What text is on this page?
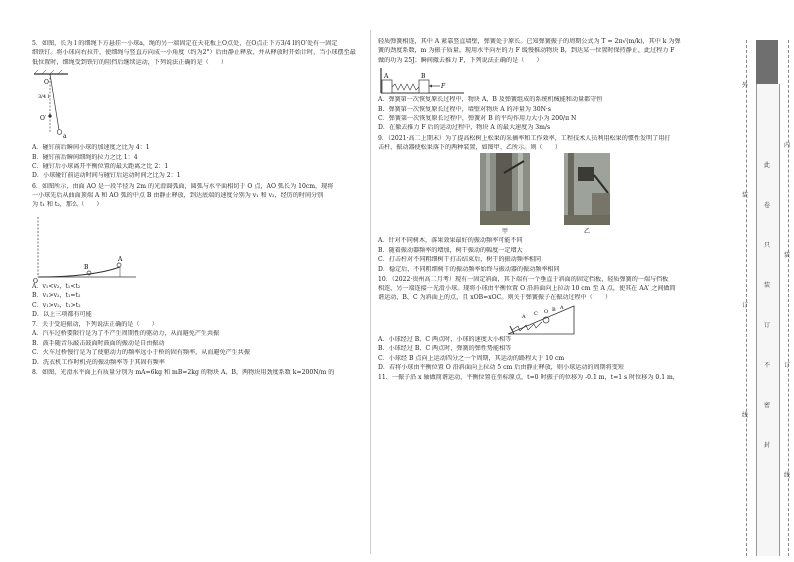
5．如图，长为 l 的细绳下方悬挂一小球a，绳的另一端固定在天花板上O点处，在O点正下方3/4 l的O′处有一固定

细铁钉。将小球向右拉开，使细绳与竖直方向成一小角度（约为2°）后由静止释放，并从释放时开始计时，当小球摆至最

低位置时，细绳受到铁钉的阻挡后继续运动，下列说法正确的是（　　）

O
3/4 l
O′
a

A．碰钉前后瞬间小球的加速度之比为 4：1

B．碰钉前后瞬间细绳的拉力之比 1：4

C．碰钉后小球离开平衡位置的最大距离之比 2：1

D．小球碰钉前运动时间与碰钉后运动时间之比为 2：1

6．如图所示，由面 AO 是一段半径为 2m 的光滑圆弧面，圆弧与水平面相切于 O 点，AO 弧长为 10cm，现将

一小球先后从曲面顶端 A 和 AO 弧的中点 B 由静止释放，到达底端的速度分别为 v₁ 和 v₂，经历的时间分别

为 t₁ 和 t₂，那么（　　）

O
B
A

A．v₁<v₂，t₁<t₂

B．v₁>v₂，t₁=t₂

C．v₁>v₂，t₁>t₂

D．以上三项都有可能

7．关于受迫振动，下列说法正确的是（　　）

A．汽车过桥要限行是为了不产生周期性的驱动力，从而避免产生共振

B．鼓手随音乐敲击鼓面时鼓面的振动是自由振动

C．火车过桥慢行是为了使驱动力的频率远小于桥的固有频率，从而避免产生共振

D．洗衣机工作时机壳的振动频率等于其固有频率

8．如图，光滑水平面上有质量分别为 mA=6kg 和 mB=2kg 的物块 A、B，两物块用劲度系数 k=200N/m 的

轻质弹簧相连，其中 A 紧靠竖直墙壁，弹簧处于原长。已知弹簧振子的周期公式为 T = 2π√(m/k)，其中 k 为弹

簧的劲度系数，m 为振子质量。现用水平向左的力 F 缓慢推动物块 B，到达某一位置时保持静止，此过程力 F

做的功为 25J；瞬间撤去推力 F，下列说法正确的是（　　）

A	B
F

A．弹簧第一次恢复原长过程中，物块 A、B 及弹簧组成的系统机械能和动量都守恒

B．弹簧第一次恢复原长过程中，墙壁对物块 A 的冲量为 30N·s

C．弹簧第一次恢复原长过程中，弹簧对 B 的平均作用力大小为 200/π N

D．在撤去推力 F 后的运动过程中，物块 A 的最大速度为 3m/s

9．（2021·高二上期末）为了提高松树上松果的采摘率和工作效率，工程技术人员利用松果的惯性发明了用打

击杆、振动器使松果落下的两种装置，如图甲、乙所示。则（　　）

甲	乙

A．针对不同树木，落果效果最好的振动频率可能不同

B．随着振动器频率的增加，树干振动的幅度一定增大

C．打击杆对不同粗细树干打击结束后，树干的振动频率相同

D．稳定后，不同粗细树干的振动频率始终与振动器的振动频率相同

10．（2022·贵州高二月考）现有一固定斜面，其下端有一个垂直于斜面的固定挡板，轻质弹簧的一端与挡板

相连，另一端连接一光滑小球。现将小球由平衡位置 O 沿斜面向上拉动 10 cm 至 A 点，使其在 AA′ 之间做简

谐运动，B、C 为斜面上的点，且 xOB=xOC。则关于弹簧振子在振动过程中（　　）

A′ C O B A

A．小球经过 B、C 两点时，小球的速度大小相等

B．小球经过 B、C 两点时，弹簧的弹性势能相等

C．小球经 B 点向上运动四分之一个周期，其运动的路程大于 10 cm

D．若将小球由平衡位置 O 沿斜面向上拉动 5 cm 后由静止释放，则小球运动的周期将变短

11．一振子沿 x 轴做简谐运动，平衡位置在坐标原点，t=0 时振子的位移为 -0.1 m，t=1 s 时位移为 0.1 m，

外
装
订
线
此
卷
只
装
订
不
密
封
内
装
订
线
